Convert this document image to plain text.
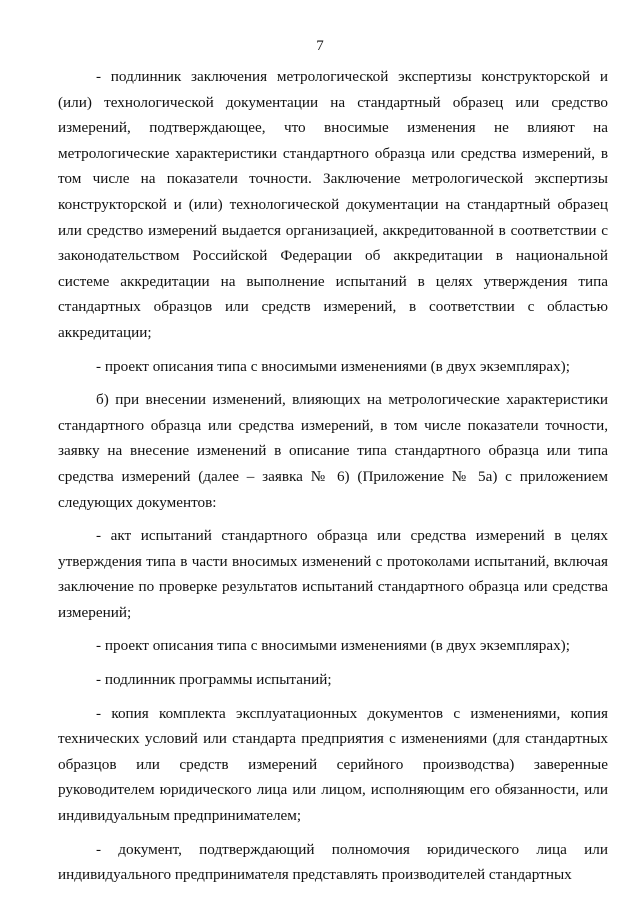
7

- подлинник заключения метрологической экспертизы конструкторской и (или) технологической документации на стандартный образец или средство измерений, подтверждающее, что вносимые изменения не влияют на метрологические характеристики стандартного образца или средства измерений, в том числе на показатели точности. Заключение метрологической экспертизы конструкторской и (или) технологической документации на стандартный образец или средство измерений выдается организацией, аккредитованной в соответствии с законодательством Российской Федерации об аккредитации в национальной системе аккредитации на выполнение испытаний в целях утверждения типа стандартных образцов или средств измерений, в соответствии с областью аккредитации;

- проект описания типа с вносимыми изменениями (в двух экземплярах);

б) при внесении изменений, влияющих на метрологические характеристики стандартного образца или средства измерений, в том числе показатели точности, заявку на внесение изменений в описание типа стандартного образца или типа средства измерений (далее – заявка № 6) (Приложение № 5а) с приложением следующих документов:

- акт испытаний стандартного образца или средства измерений в целях утверждения типа в части вносимых изменений с протоколами испытаний, включая заключение по проверке результатов испытаний стандартного образца или средства измерений;

- проект описания типа с вносимыми изменениями (в двух экземплярах);

- подлинник программы испытаний;

- копия комплекта эксплуатационных документов с изменениями, копия технических условий или стандарта предприятия с изменениями (для стандартных образцов или средств измерений серийного производства) заверенные руководителем юридического лица или лицом, исполняющим его обязанности, или индивидуальным предпринимателем;

- документ, подтверждающий полномочия юридического лица или индивидуального предпринимателя представлять производителей стандартных
